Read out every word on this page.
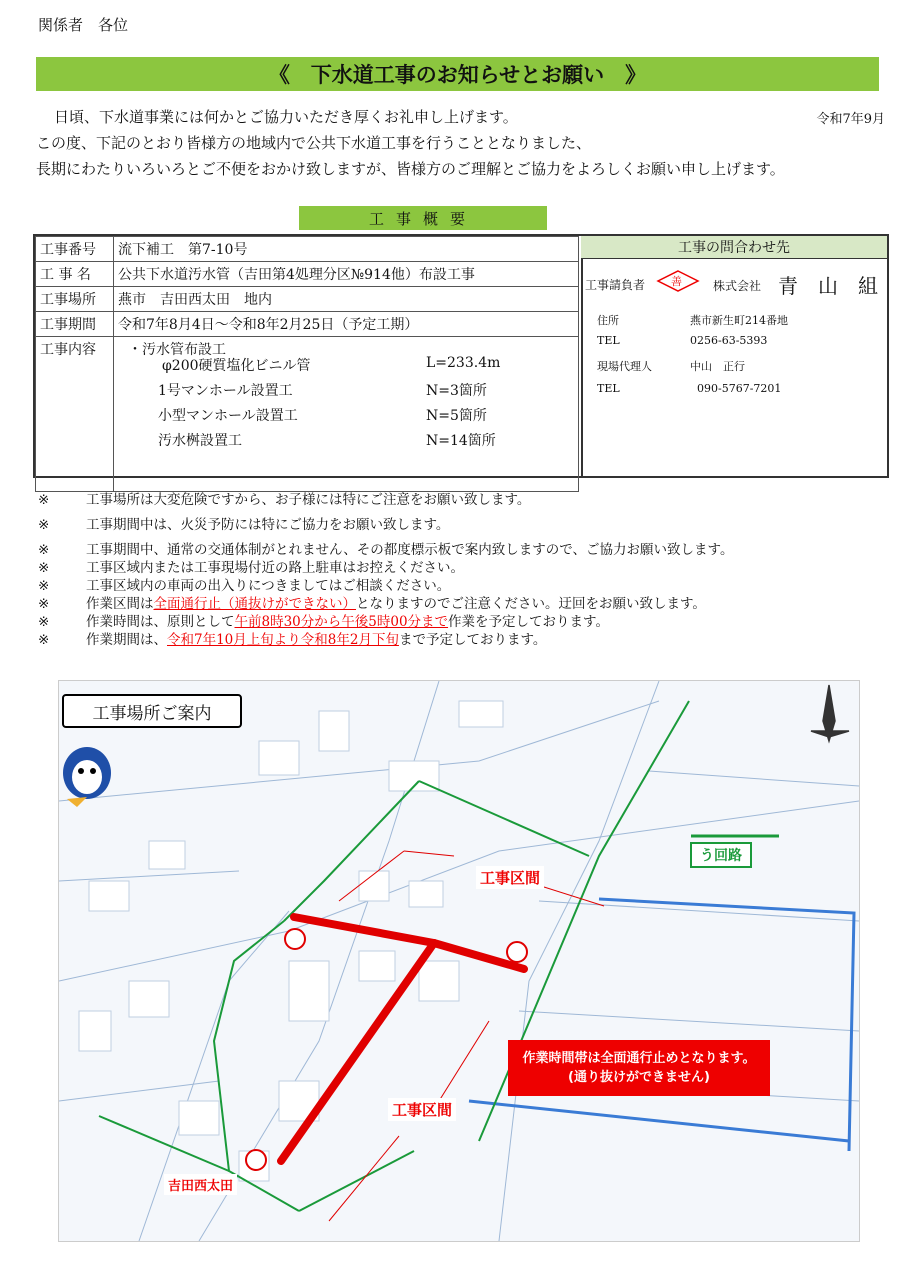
関係者　各位
《　下水道工事のお知らせとお願い　》
令和7年9月
日頃、下水道事業には何かとご協力いただき厚くお礼申し上げます。
この度、下記のとおり皆様方の地域内で公共下水道工事を行うこととなりました、
長期にわたりいろいろとご不便をおかけ致しますが、皆様方のご理解とご協力をよろしくお願い申し上げます。
工事概要
工事番号	流下補工　第7-10号
工 事 名	公共下水道汚水管（吉田第4処理分区№914他）布設工事
工事場所	燕市　吉田西太田　地内
工事期間	令和7年8月4日～令和8年2月25日（予定工期）
工事内容	・汚水管布設工
φ200硬質塩化ビニル管	L=233.4m
1号マンホール設置工	N=3箇所
小型マンホール設置工	N=5箇所
汚水桝設置工	N=14箇所
工事の問合わせ先
工事請負者 善	株式会社 青　山　組
住所	燕市新生町214番地
TEL	0256-63-5393
現場代理人	中山　正行
TEL	090-5767-7201
※	工事場所は大変危険ですから、お子様には特にご注意をお願い致します。
※	工事期間中は、火災予防には特にご協力をお願い致します。
※	工事期間中、通常の交通体制がとれません、その都度標示板で案内致しますので、ご協力お願い致します。
※	工事区域内または工事現場付近の路上駐車はお控えください。
※	工事区域内の車両の出入りにつきましてはご相談ください。
※	作業区間は全面通行止（通抜けができない）となりますのでご注意ください。迂回をお願い致します。
※	作業時間は、原則として午前8時30分から午後5時00分まで作業を予定しております。
※	作業期間は、令和7年10月上旬より令和8年2月下旬まで予定しております。
工事場所ご案内
う回路
工事区間
工事区間
作業時間帯は全面通行止めとなります。
(通り抜けができません)
吉田西太田
